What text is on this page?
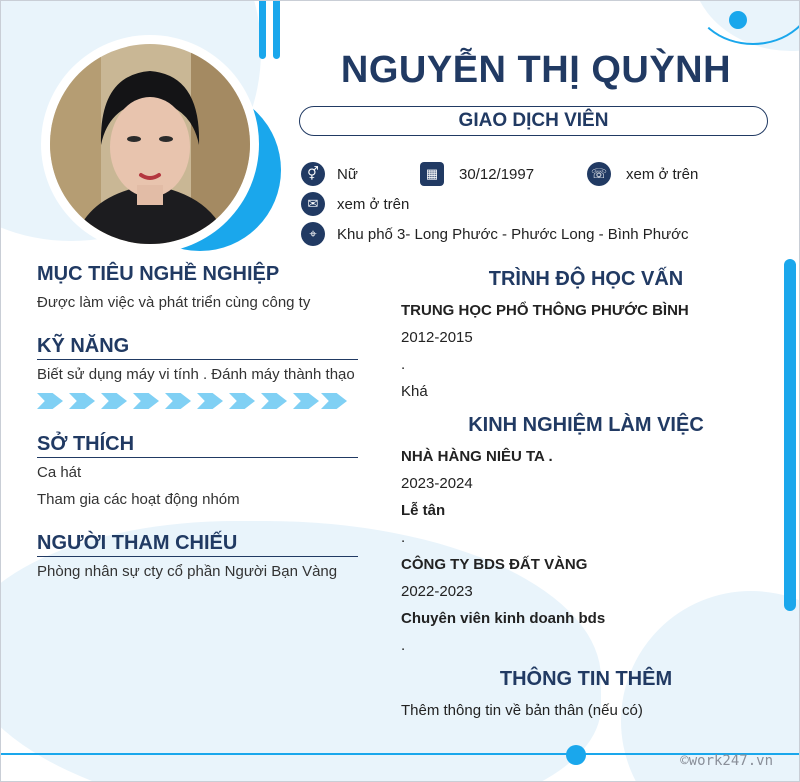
NGUYỄN THỊ QUỲNH
GIAO DỊCH VIÊN
⚥	Nữ	▦	30/12/1997	☏ xem ở trên
✉	xem ở trên
⌖	Khu phố 3- Long Phước - Phước Long - Bình Phước
MỤC TIÊU NGHỀ NGHIỆP
Được làm việc và phát triển cùng công ty
KỸ NĂNG
Biết sử dụng máy vi tính . Đánh máy thành thạo
SỞ THÍCH
Ca hát
Tham gia các hoạt động nhóm
NGƯỜI THAM CHIẾU
Phòng nhân sự cty cổ phần Người Bạn Vàng
TRÌNH ĐỘ HỌC VẤN
TRUNG HỌC PHỔ THÔNG PHƯỚC BÌNH
2012-2015
.
Khá
KINH NGHIỆM LÀM VIỆC
NHÀ HÀNG NIÊU TA .
2023-2024
Lễ tân
.
CÔNG TY BDS ĐẤT VÀNG
2022-2023
Chuyên viên kinh doanh bds
.
THÔNG TIN THÊM
Thêm thông tin về bản thân (nếu có)
©work247.vn
